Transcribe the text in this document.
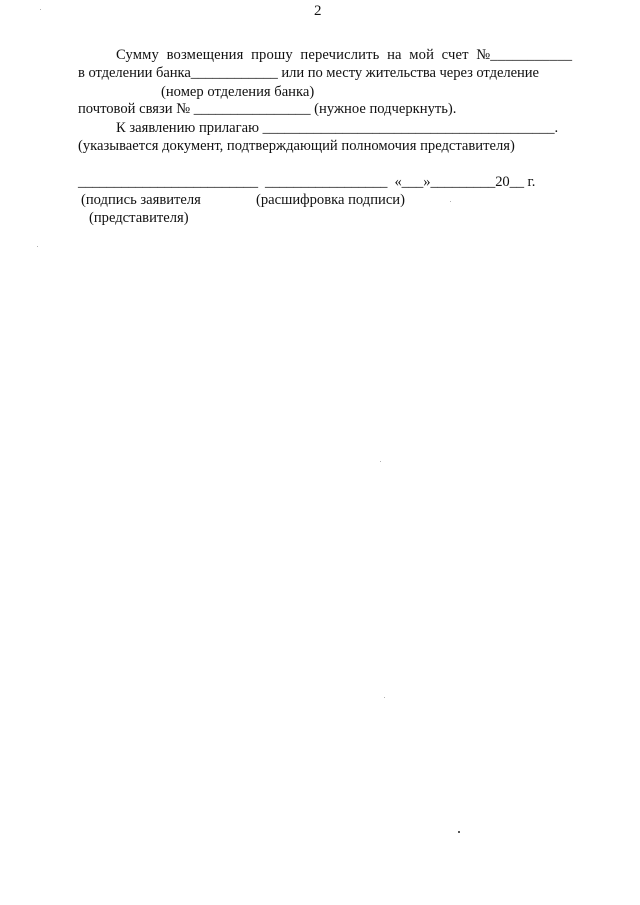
2
Сумму  возмещения  прошу  перечислить  на  мой  счет  №___________
в отделении банка____________ или по месту жительства через отделение
(номер отделения банка)
почтовой связи № ________________ (нужное подчеркнуть).
К заявлению прилагаю ________________________________________.
(указывается документ, подтверждающий полномочия представителя)
_________________________  _________________  «___»_________20__ г.
(подпись заявителя	(расшифровка подписи)
(представителя)
